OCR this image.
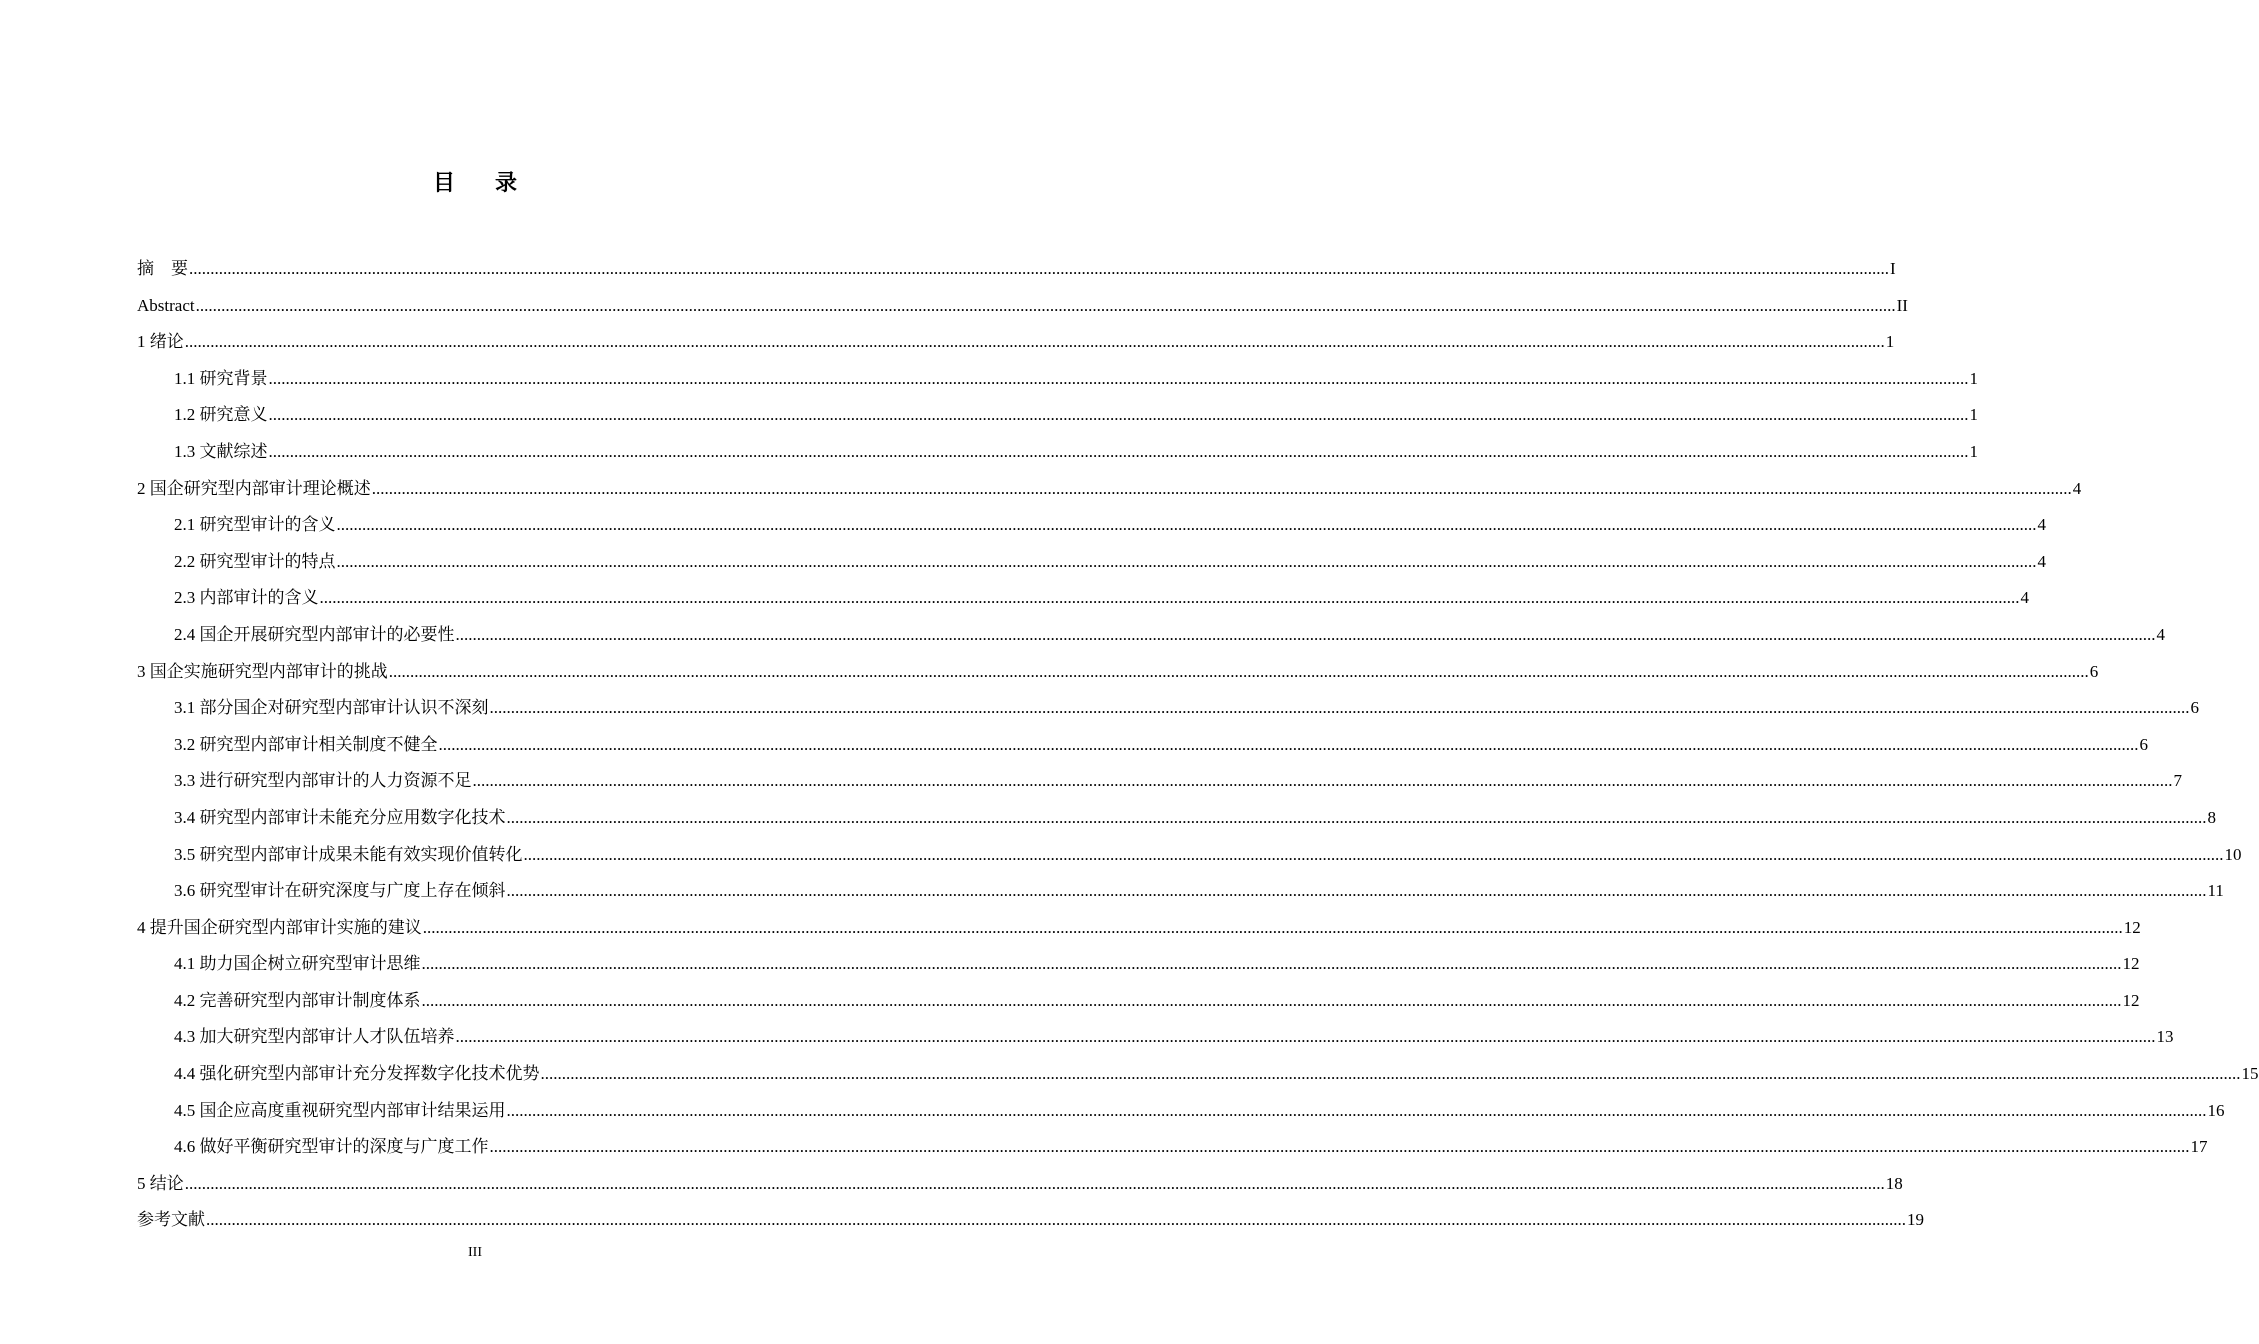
目 录
摘　要 ................................................................................................................................................................................................................................................................................................................................................................................................................ I
Abstract ................................................................................................................................................................................................................................................................................................................................................................................................................ II
1 绪论 ................................................................................................................................................................................................................................................................................................................................................................................................................ 1
1.1 研究背景 ................................................................................................................................................................................................................................................................................................................................................................................................................ 1
1.2 研究意义 ................................................................................................................................................................................................................................................................................................................................................................................................................ 1
1.3 文献综述 ................................................................................................................................................................................................................................................................................................................................................................................................................ 1
2 国企研究型内部审计理论概述 ................................................................................................................................................................................................................................................................................................................................................................................................................ 4
2.1 研究型审计的含义 ................................................................................................................................................................................................................................................................................................................................................................................................................ 4
2.2 研究型审计的特点 ................................................................................................................................................................................................................................................................................................................................................................................................................ 4
2.3 内部审计的含义 ................................................................................................................................................................................................................................................................................................................................................................................................................ 4
2.4 国企开展研究型内部审计的必要性 ................................................................................................................................................................................................................................................................................................................................................................................................................ 4
3 国企实施研究型内部审计的挑战 ................................................................................................................................................................................................................................................................................................................................................................................................................ 6
3.1 部分国企对研究型内部审计认识不深刻 ................................................................................................................................................................................................................................................................................................................................................................................................................ 6
3.2 研究型内部审计相关制度不健全 ................................................................................................................................................................................................................................................................................................................................................................................................................ 6
3.3 进行研究型内部审计的人力资源不足 ................................................................................................................................................................................................................................................................................................................................................................................................................ 7
3.4 研究型内部审计未能充分应用数字化技术 ................................................................................................................................................................................................................................................................................................................................................................................................................ 8
3.5 研究型内部审计成果未能有效实现价值转化 ................................................................................................................................................................................................................................................................................................................................................................................................................ 10
3.6 研究型审计在研究深度与广度上存在倾斜 ................................................................................................................................................................................................................................................................................................................................................................................................................ 11
4 提升国企研究型内部审计实施的建议 ................................................................................................................................................................................................................................................................................................................................................................................................................ 12
4.1 助力国企树立研究型审计思维 ................................................................................................................................................................................................................................................................................................................................................................................................................ 12
4.2 完善研究型内部审计制度体系 ................................................................................................................................................................................................................................................................................................................................................................................................................ 12
4.3 加大研究型内部审计人才队伍培养 ................................................................................................................................................................................................................................................................................................................................................................................................................ 13
4.4 强化研究型内部审计充分发挥数字化技术优势 ................................................................................................................................................................................................................................................................................................................................................................................................................ 15
4.5 国企应高度重视研究型内部审计结果运用 ................................................................................................................................................................................................................................................................................................................................................................................................................ 16
4.6 做好平衡研究型审计的深度与广度工作 ................................................................................................................................................................................................................................................................................................................................................................................................................ 17
5 结论 ................................................................................................................................................................................................................................................................................................................................................................................................................ 18
参考文献 ................................................................................................................................................................................................................................................................................................................................................................................................................ 19
III
